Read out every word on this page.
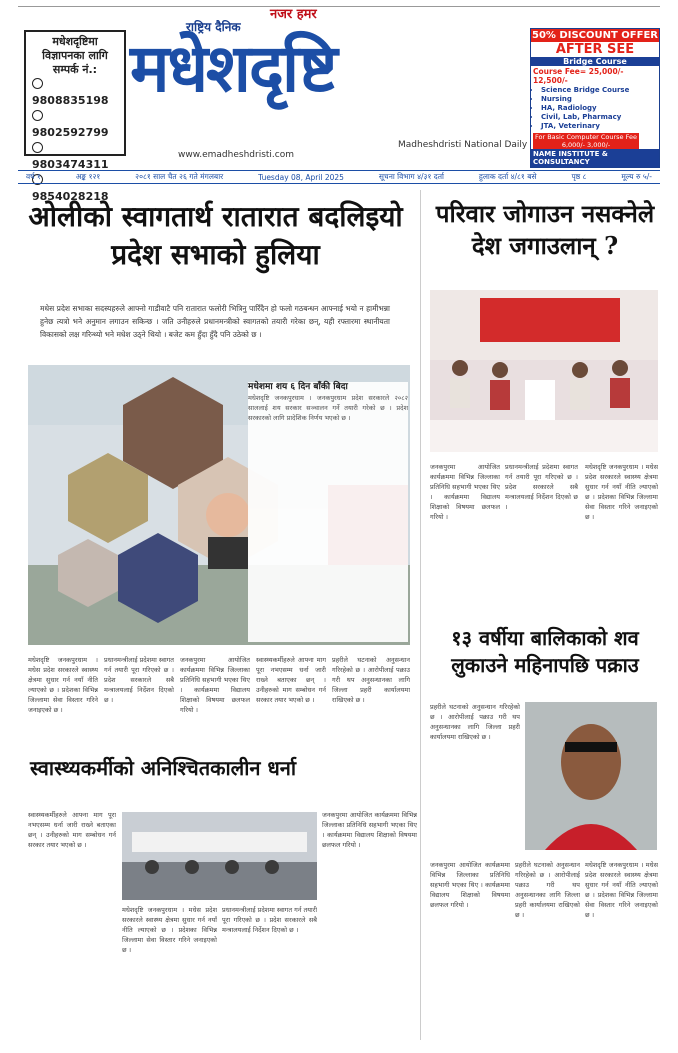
नजर हमर
मधेशदृष्टिमा
विज्ञापनका लागि
सम्पर्क नं.:
9808835198
9802592799
9803474311
9854028218
राष्ट्रिय दैनिक
मधेशदृष्टि
www.emadheshdristi.com
Madheshdristi National Daily
50% DISCOUNT OFFER
AFTER SEE
Bridge Course
Course Fee= 25,000/- 12,500/-
• Science Bridge Course
• Nursing
• HA, Radiology
• Civil, Lab, Pharmacy
• JTA, Veterinary
For Basic Computer Course Fee 6,000/- 3,000/-
NAME INSTITUTE & CONSULTANCY
वर्ष १	अङ्क १२१	२०८१ साल चैत २६ गते मंगलबार	Tuesday 08, April 2025	सूचना विभाग ४/३१ दर्ता	हुलाक दर्ता ४/८१ बसे	पृष्ठ ८	मूल्य रु ५/-
ओलीको स्वागतार्थ रातारात बदलिइयो प्रदेश सभाको हुलिया
मधेस प्रदेश सभाका सदस्यहरुले आफ्नो गाडीवाटै पनि रातारात फलोरी भित्रिनु पारिँदैन हो फलो गठबन्धन आफ्नाई भयो न हामीभन्ना हुनेछ त्यत्रो भने अनुमान लगाउन सकिन्छ । जति उनीहरुले प्रधानमन्त्रीको स्वागतको तयारी गरेका छन्, यही रफ्तारमा स्थानीयता विकासको लक्ष गरिन्थ्यो भने मधेश उठ्ने थियो । बजेट कम हुँदा हुँदै पनि उठेको छ ।
मधेशमा शय ६ दिन बाँकी बिदा
मधेशदृष्टि जनकपुरधाम । जनकपुरधाम प्रदेश सरकारले २०८२ साललाई शय सरकार सञ्चालन गर्ने तयारी गरेको छ । प्रदेश सरकारको लागि प्रादेशिक निर्णय भएको छ ।
परिवार जोगाउन नसक्नेले देश जगाउलान् ?
जनकपुरमा आयोजित कार्यक्रममा विभिन्न जिल्लाका प्रतिनिधि सहभागी भएका थिए । कार्यक्रममा विद्यालय शिक्षाको विषयमा छलफल गरियो ।
प्रधानमन्त्रीलाई प्रदेशमा स्वागत गर्न तयारी पूरा गरिएको छ । प्रदेश सरकारले सबै मन्त्रालयलाई निर्देशन दिएको छ ।
मधेशदृष्टि जनकपुरधाम । मधेस प्रदेश सरकारले स्वास्थ्य क्षेत्रमा सुधार गर्न नयाँ नीति ल्याएको छ । प्रदेशका विभिन्न जिल्लामा सेवा विस्तार गरिने जनाइएको छ ।
१३ वर्षीया बालिकाको शव लुकाउने महिनापछि पक्राउ
प्रहरीले घटनाको अनुसन्धान गरिरहेको छ । आरोपीलाई पक्राउ गरी थप अनुसन्धानका लागि जिल्ला प्रहरी कार्यालयमा राखिएको छ ।
जनकपुरमा आयोजित कार्यक्रममा विभिन्न जिल्लाका प्रतिनिधि सहभागी भएका थिए । कार्यक्रममा विद्यालय शिक्षाको विषयमा छलफल गरियो ।
प्रहरीले घटनाको अनुसन्धान गरिरहेको छ । आरोपीलाई पक्राउ गरी थप अनुसन्धानका लागि जिल्ला प्रहरी कार्यालयमा राखिएको छ ।
मधेशदृष्टि जनकपुरधाम । मधेस प्रदेश सरकारले स्वास्थ्य क्षेत्रमा सुधार गर्न नयाँ नीति ल्याएको छ । प्रदेशका विभिन्न जिल्लामा सेवा विस्तार गरिने जनाइएको छ ।
मधेशदृष्टि जनकपुरधाम । मधेस प्रदेश सरकारले स्वास्थ्य क्षेत्रमा सुधार गर्न नयाँ नीति ल्याएको छ । प्रदेशका विभिन्न जिल्लामा सेवा विस्तार गरिने जनाइएको छ ।
प्रधानमन्त्रीलाई प्रदेशमा स्वागत गर्न तयारी पूरा गरिएको छ । प्रदेश सरकारले सबै मन्त्रालयलाई निर्देशन दिएको छ ।
जनकपुरमा आयोजित कार्यक्रममा विभिन्न जिल्लाका प्रतिनिधि सहभागी भएका थिए । कार्यक्रममा विद्यालय शिक्षाको विषयमा छलफल गरियो ।
स्वास्थ्यकर्मीहरुले आफ्ना माग पूरा नभएसम्म धर्ना जारी राख्ने बताएका छन् । उनीहरुको माग सम्बोधन गर्न सरकार तयार भएको छ ।
प्रहरीले घटनाको अनुसन्धान गरिरहेको छ । आरोपीलाई पक्राउ गरी थप अनुसन्धानका लागि जिल्ला प्रहरी कार्यालयमा राखिएको छ ।
स्वास्थ्यकर्मीको अनिश्चितकालीन धर्ना
स्वास्थ्यकर्मीहरुले आफ्ना माग पूरा नभएसम्म धर्ना जारी राख्ने बताएका छन् । उनीहरुको माग सम्बोधन गर्न सरकार तयार भएको छ ।
मधेशदृष्टि जनकपुरधाम । मधेस प्रदेश सरकारले स्वास्थ्य क्षेत्रमा सुधार गर्न नयाँ नीति ल्याएको छ । प्रदेशका विभिन्न जिल्लामा सेवा विस्तार गरिने जनाइएको छ ।
प्रधानमन्त्रीलाई प्रदेशमा स्वागत गर्न तयारी पूरा गरिएको छ । प्रदेश सरकारले सबै मन्त्रालयलाई निर्देशन दिएको छ ।
जनकपुरमा आयोजित कार्यक्रममा विभिन्न जिल्लाका प्रतिनिधि सहभागी भएका थिए । कार्यक्रममा विद्यालय शिक्षाको विषयमा छलफल गरियो ।
